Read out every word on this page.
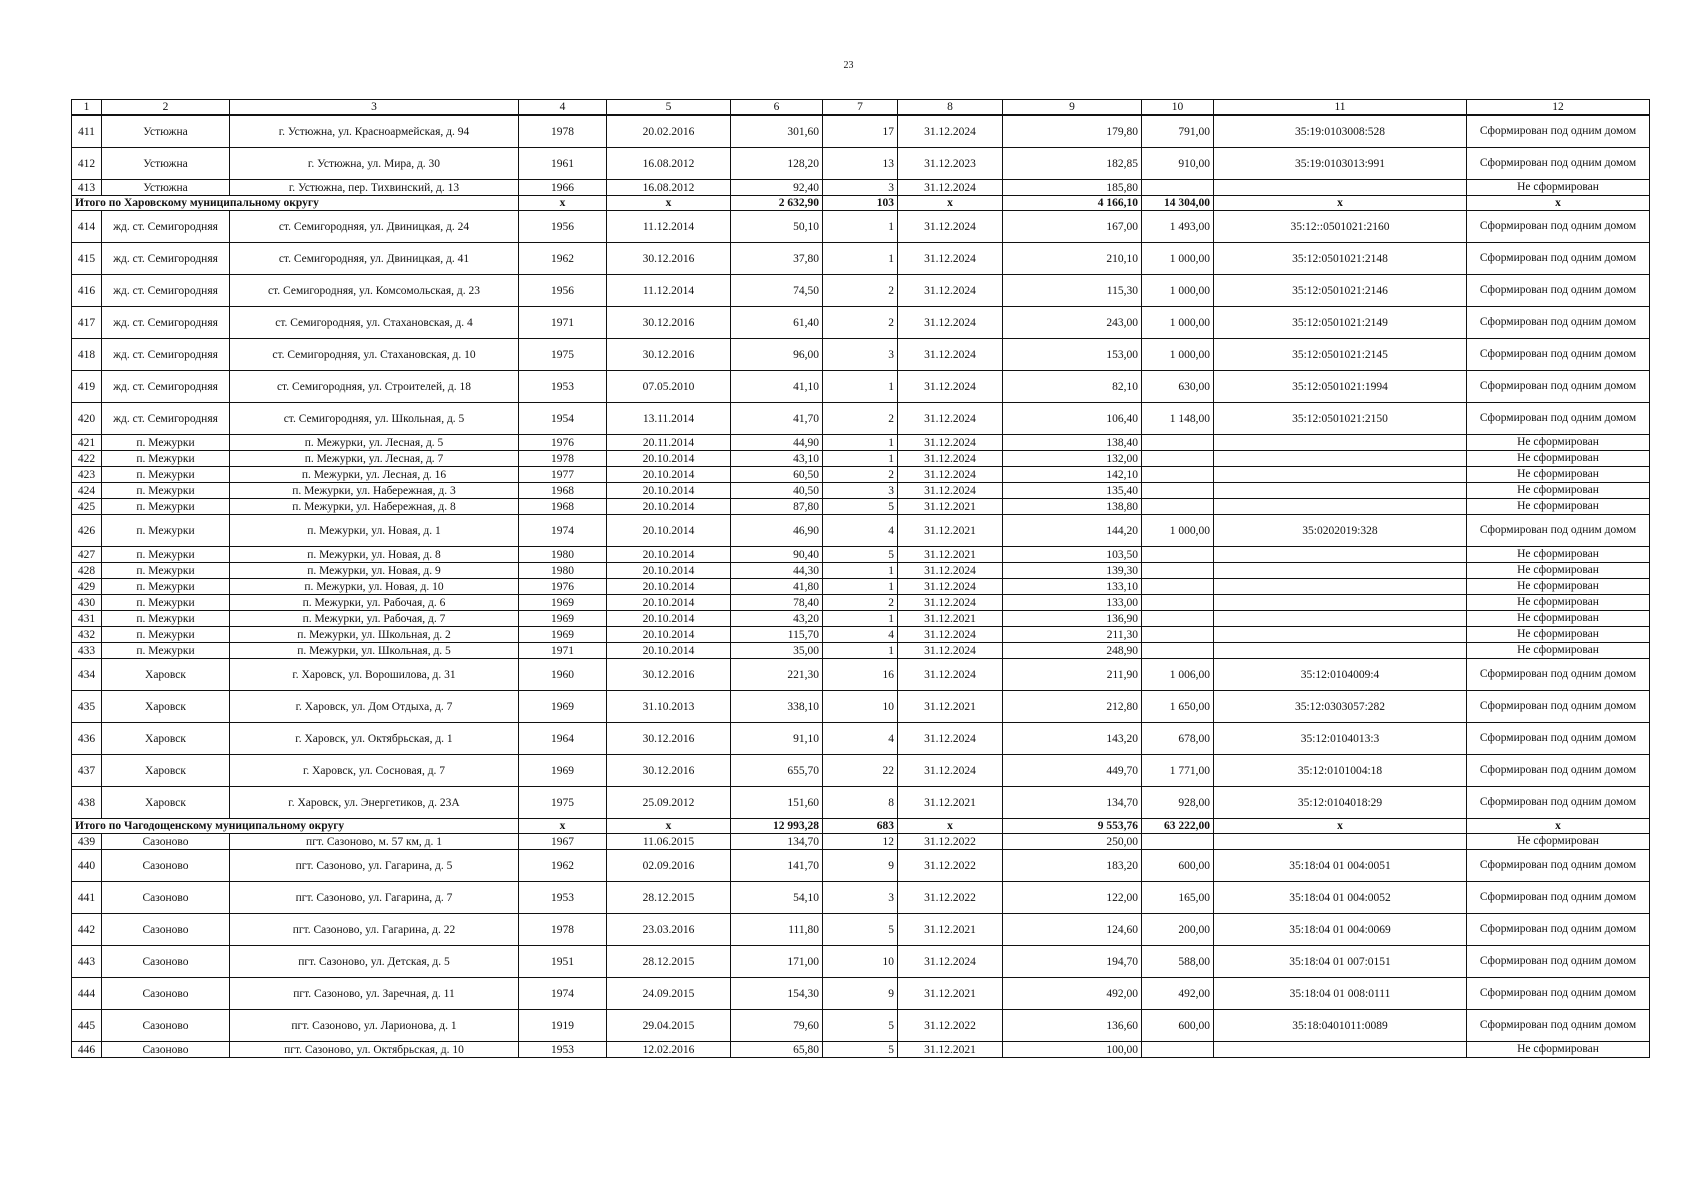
23
1	2	3	4	5	6	7	8	9	10	11	12
411	Устюжна	г. Устюжна, ул. Красноармейская, д. 94	1978	20.02.2016	301,60	17	31.12.2024	179,80	791,00	35:19:0103008:528	Сформирован под одним домом
412	Устюжна	г. Устюжна, ул. Мира, д. 30	1961	16.08.2012	128,20	13	31.12.2023	182,85	910,00	35:19:0103013:991	Сформирован под одним домом
413	Устюжна	г. Устюжна, пер. Тихвинский, д. 13	1966	16.08.2012	92,40	3	31.12.2024	185,80			Не сформирован
Итого по Харовскому муниципальному округу			x	x	2 632,90	103	x	4 166,10	14 304,00	x	x
414	жд. ст. Семигородняя	ст. Семигородняя, ул. Двиницкая, д. 24	1956	11.12.2014	50,10	1	31.12.2024	167,00	1 493,00	35:12::0501021:2160	Сформирован под одним домом
415	жд. ст. Семигородняя	ст. Семигородняя, ул. Двиницкая, д. 41	1962	30.12.2016	37,80	1	31.12.2024	210,10	1 000,00	35:12:0501021:2148	Сформирован под одним домом
416	жд. ст. Семигородняя	ст. Семигородняя, ул. Комсомольская, д. 23	1956	11.12.2014	74,50	2	31.12.2024	115,30	1 000,00	35:12:0501021:2146	Сформирован под одним домом
417	жд. ст. Семигородняя	ст. Семигородняя, ул. Стахановская, д. 4	1971	30.12.2016	61,40	2	31.12.2024	243,00	1 000,00	35:12:0501021:2149	Сформирован под одним домом
418	жд. ст. Семигородняя	ст. Семигородняя, ул. Стахановская, д. 10	1975	30.12.2016	96,00	3	31.12.2024	153,00	1 000,00	35:12:0501021:2145	Сформирован под одним домом
419	жд. ст. Семигородняя	ст. Семигородняя, ул. Строителей, д. 18	1953	07.05.2010	41,10	1	31.12.2024	82,10	630,00	35:12:0501021:1994	Сформирован под одним домом
420	жд. ст. Семигородняя	ст. Семигородняя, ул. Школьная, д. 5	1954	13.11.2014	41,70	2	31.12.2024	106,40	1 148,00	35:12:0501021:2150	Сформирован под одним домом
421	п. Межурки	п. Межурки, ул. Лесная, д. 5	1976	20.11.2014	44,90	1	31.12.2024	138,40			Не сформирован
422	п. Межурки	п. Межурки, ул. Лесная, д. 7	1978	20.10.2014	43,10	1	31.12.2024	132,00			Не сформирован
423	п. Межурки	п. Межурки, ул. Лесная, д. 16	1977	20.10.2014	60,50	2	31.12.2024	142,10			Не сформирован
424	п. Межурки	п. Межурки, ул. Набережная, д. 3	1968	20.10.2014	40,50	3	31.12.2024	135,40			Не сформирован
425	п. Межурки	п. Межурки, ул. Набережная, д. 8	1968	20.10.2014	87,80	5	31.12.2021	138,80			Не сформирован
426	п. Межурки	п. Межурки, ул. Новая, д. 1	1974	20.10.2014	46,90	4	31.12.2021	144,20	1 000,00	35:0202019:328	Сформирован под одним домом
427	п. Межурки	п. Межурки, ул. Новая, д. 8	1980	20.10.2014	90,40	5	31.12.2021	103,50			Не сформирован
428	п. Межурки	п. Межурки, ул. Новая, д. 9	1980	20.10.2014	44,30	1	31.12.2024	139,30			Не сформирован
429	п. Межурки	п. Межурки, ул. Новая, д. 10	1976	20.10.2014	41,80	1	31.12.2024	133,10			Не сформирован
430	п. Межурки	п. Межурки, ул. Рабочая, д. 6	1969	20.10.2014	78,40	2	31.12.2024	133,00			Не сформирован
431	п. Межурки	п. Межурки, ул. Рабочая, д. 7	1969	20.10.2014	43,20	1	31.12.2021	136,90			Не сформирован
432	п. Межурки	п. Межурки, ул. Школьная, д. 2	1969	20.10.2014	115,70	4	31.12.2024	211,30			Не сформирован
433	п. Межурки	п. Межурки, ул. Школьная, д. 5	1971	20.10.2014	35,00	1	31.12.2024	248,90			Не сформирован
434	Харовск	г. Харовск, ул. Ворошилова, д. 31	1960	30.12.2016	221,30	16	31.12.2024	211,90	1 006,00	35:12:0104009:4	Сформирован под одним домом
435	Харовск	г. Харовск, ул. Дом Отдыха, д. 7	1969	31.10.2013	338,10	10	31.12.2021	212,80	1 650,00	35:12:0303057:282	Сформирован под одним домом
436	Харовск	г. Харовск, ул. Октябрьская, д. 1	1964	30.12.2016	91,10	4	31.12.2024	143,20	678,00	35:12:0104013:3	Сформирован под одним домом
437	Харовск	г. Харовск, ул. Сосновая, д. 7	1969	30.12.2016	655,70	22	31.12.2024	449,70	1 771,00	35:12:0101004:18	Сформирован под одним домом
438	Харовск	г. Харовск, ул. Энергетиков, д. 23А	1975	25.09.2012	151,60	8	31.12.2021	134,70	928,00	35:12:0104018:29	Сформирован под одним домом
Итого по Чагодощенскому муниципальному округу			x	x	12 993,28	683	x	9 553,76	63 222,00	x	x
439	Сазоново	пгт. Сазоново, м. 57 км, д. 1	1967	11.06.2015	134,70	12	31.12.2022	250,00			Не сформирован
440	Сазоново	пгт. Сазоново, ул. Гагарина, д. 5	1962	02.09.2016	141,70	9	31.12.2022	183,20	600,00	35:18:04 01 004:0051	Сформирован под одним домом
441	Сазоново	пгт. Сазоново, ул. Гагарина, д. 7	1953	28.12.2015	54,10	3	31.12.2022	122,00	165,00	35:18:04 01 004:0052	Сформирован под одним домом
442	Сазоново	пгт. Сазоново, ул. Гагарина, д. 22	1978	23.03.2016	111,80	5	31.12.2021	124,60	200,00	35:18:04 01 004:0069	Сформирован под одним домом
443	Сазоново	пгт. Сазоново, ул. Детская, д. 5	1951	28.12.2015	171,00	10	31.12.2024	194,70	588,00	35:18:04 01 007:0151	Сформирован под одним домом
444	Сазоново	пгт. Сазоново, ул. Заречная, д. 11	1974	24.09.2015	154,30	9	31.12.2021	492,00	492,00	35:18:04 01 008:0111	Сформирован под одним домом
445	Сазоново	пгт. Сазоново, ул. Ларионова, д. 1	1919	29.04.2015	79,60	5	31.12.2022	136,60	600,00	35:18:0401011:0089	Сформирован под одним домом
446	Сазоново	пгт. Сазоново, ул. Октябрьская, д. 10	1953	12.02.2016	65,80	5	31.12.2021	100,00			Не сформирован
